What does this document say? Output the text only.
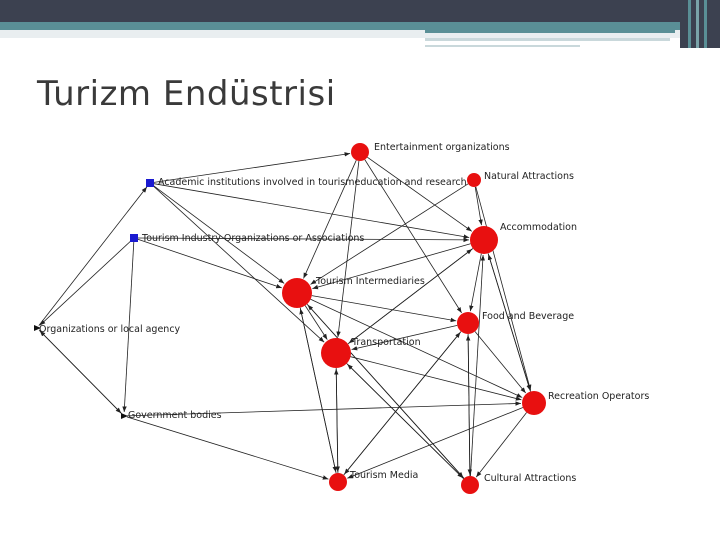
Turizm Endüstrisi
Entertainment organizations
Natural Attractions
Academic institutions involved in tourismeducation and research
Accommodation
Tourism Industry Organizations or Associations
Tourism Intermediaries
Food and Beverage
Organizations or local agency
Transportation
Recreation Operators
Government bodies
Tourism Media	Cultural Attractions
